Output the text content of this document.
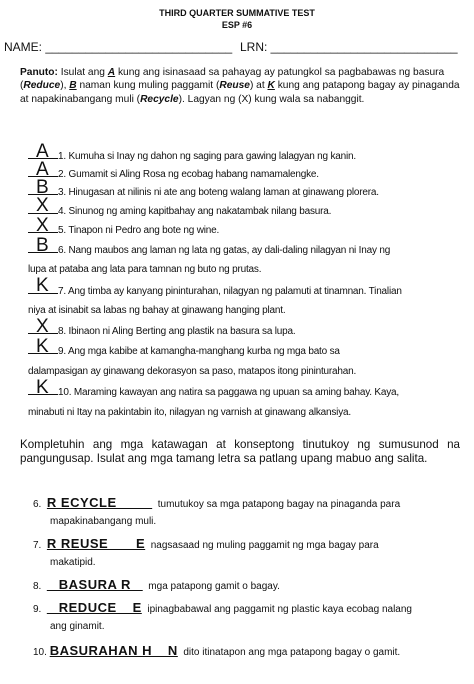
THIRD QUARTER SUMMATIVE TEST
ESP #6
NAME: ____________________________ LRN: ____________________________
Panuto: Isulat ang A kung ang isinasaad sa pahayag ay patungkol sa pagbabawas ng basura (Reduce), B naman kung muling paggamit (Reuse) at K kung ang patapong bagay ay pinaganda at napakinabangang muli (Recycle). Lagyan ng (X) kung wala sa nabanggit.
A 1. Kumuha si Inay ng dahon ng saging para gawing lalagyan ng kanin.
A 2. Gumamit si Aling Rosa ng ecobag habang namamalengke.
B 3. Hinugasan at nilinis ni ate ang boteng walang laman at ginawang plorera.
X 4. Sinunog ng aming kapitbahay ang nakatambak nilang basura.
X 5. Tinapon ni Pedro ang bote ng wine.
B 6. Nang maubos ang laman ng lata ng gatas, ay dali-daling nilagyan ni Inay ng
lupa at pataba ang lata para tamnan ng buto ng prutas.
K 7. Ang timba ay kanyang pininturahan, nilagyan ng palamuti at tinamnan. Tinalian
niya at isinabit sa labas ng bahay at ginawang hanging plant.
X 8. Ibinaon ni Aling Berting ang plastik na basura sa lupa.
K 9. Ang mga kabibe at kamangha-manghang kurba ng mga bato sa
dalampasigan ay ginawang dekorasyon sa paso, matapos itong pininturahan.
K 10. Maraming kawayan ang natira sa paggawa ng upuan sa aming bahay. Kaya,
minabuti ni Itay na pakintabin ito, nilagyan ng varnish at ginawang alkansiya.
Kompletuhin ang mga katawagan at konseptong tinutukoy ng sumusunod na pangungusap. Isulat ang mga tamang letra sa patlang upang mabuo ang salita.
6. R ECYCLE _ _ _ tumutukoy sa mga patapong bagay na pinaganda para
mapakinabangang muli.
7. R REUSE _ _ E nagsasaad ng muling paggamit ng mga bagay para
makatipid.
8. _ BASURA R _ mga patapong gamit o bagay.
9. _ REDUCE _ E ipinagbabawal ang paggamit ng plastic kaya ecobag nalang
ang ginamit.
10. BASURAHAN H _ N dito itinatapon ang mga patapong bagay o gamit.
